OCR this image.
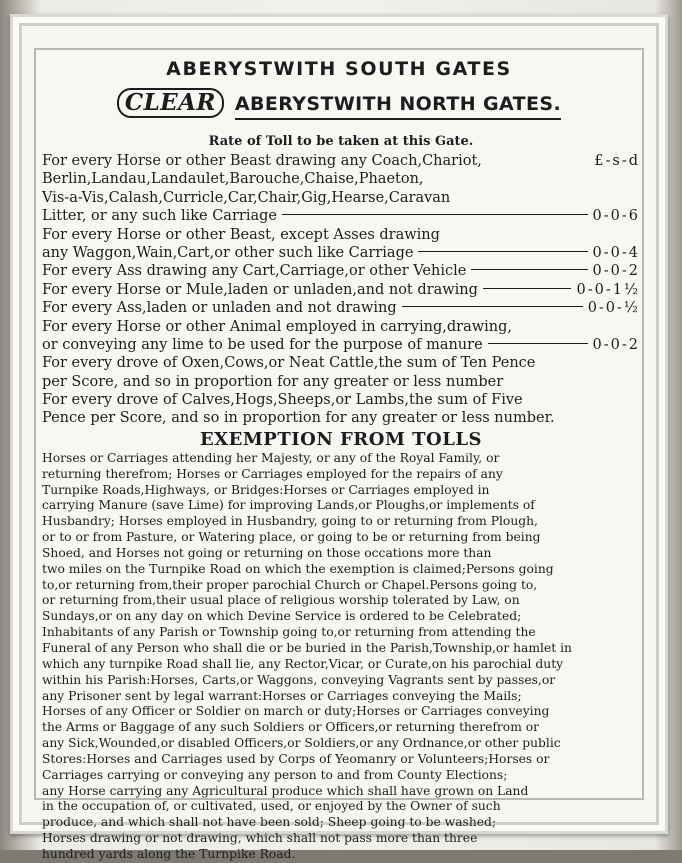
ABERYSTWITH SOUTH GATES
CLEAR ABERYSTWITH NORTH GATES.
Rate of Toll to be taken at this Gate.
For every Horse or other Beast drawing any Coach,Chariot,	£-s-d
Berlin,Landau,Landaulet,Barouche,Chaise,Phaeton,
Vis-a-Vis,Calash,Curricle,Car,Chair,Gig,Hearse,Caravan
Litter, or any such like Carriage	0-0-6
For every Horse or other Beast, except Asses drawing
any Waggon,Wain,Cart,or other such like Carriage	0-0-4
For every Ass drawing any Cart,Carriage,or other Vehicle	0-0-2
For every Horse or Mule,laden or unladen,and not drawing	0-0-1½
For every Ass,laden or unladen and not drawing	0-0-½
For every Horse or other Animal employed in carrying,drawing,
or conveying any lime to be used for the purpose of manure	0-0-2
For every drove of Oxen,Cows,or Neat Cattle,the sum of Ten Pence
per Score, and so in proportion for any greater or less number
For every drove of Calves,Hogs,Sheeps,or Lambs,the sum of Five
Pence per Score, and so in proportion for any greater or less number.
EXEMPTION FROM TOLLS
Horses or Carriages attending her Majesty, or any of the Royal Family, or
returning therefrom; Horses or Carriages employed for the repairs of any
Turnpike Roads,Highways, or Bridges:Horses or Carriages employed in
carrying Manure (save Lime) for improving Lands,or Ploughs,or implements of
Husbandry; Horses employed in Husbandry, going to or returning from Plough,
or to or from Pasture, or Watering place, or going to be or returning from being
Shoed, and Horses not going or returning on those occations more than
two miles on the Turnpike Road on which the exemption is claimed;Persons going
to,or returning from,their proper parochial Church or Chapel.Persons going to,
or returning from,their usual place of religious worship tolerated by Law, on
Sundays,or on any day on which Devine Service is ordered to be Celebrated;
Inhabitants of any Parish or Township going to,or returning from attending the
Funeral of any Person who shall die or be buried in the Parish,Township,or hamlet in
which any turnpike Road shall lie, any Rector,Vicar, or Curate,on his parochial duty
within his Parish:Horses, Carts,or Waggons, conveying Vagrants sent by passes,or
any Prisoner sent by legal warrant:Horses or Carriages conveying the Mails;
Horses of any Officer or Soldier on march or duty;Horses or Carriages conveying
the Arms or Baggage of any such Soldiers or Officers,or returning therefrom or
any Sick,Wounded,or disabled Officers,or Soldiers,or any Ordnance,or other public
Stores:Horses and Carriages used by Corps of Yeomanry or Volunteers;Horses or
Carriages carrying or conveying any person to and from County Elections;
any Horse carrying any Agricultural produce which shall have grown on Land
in the occupation of, or cultivated, used, or enjoyed by the Owner of such
produce, and which shall not have been sold; Sheep going to be washed;
Horses drawing or not drawing, which shall not pass more than three
hundred yards along the Turnpike Road.
